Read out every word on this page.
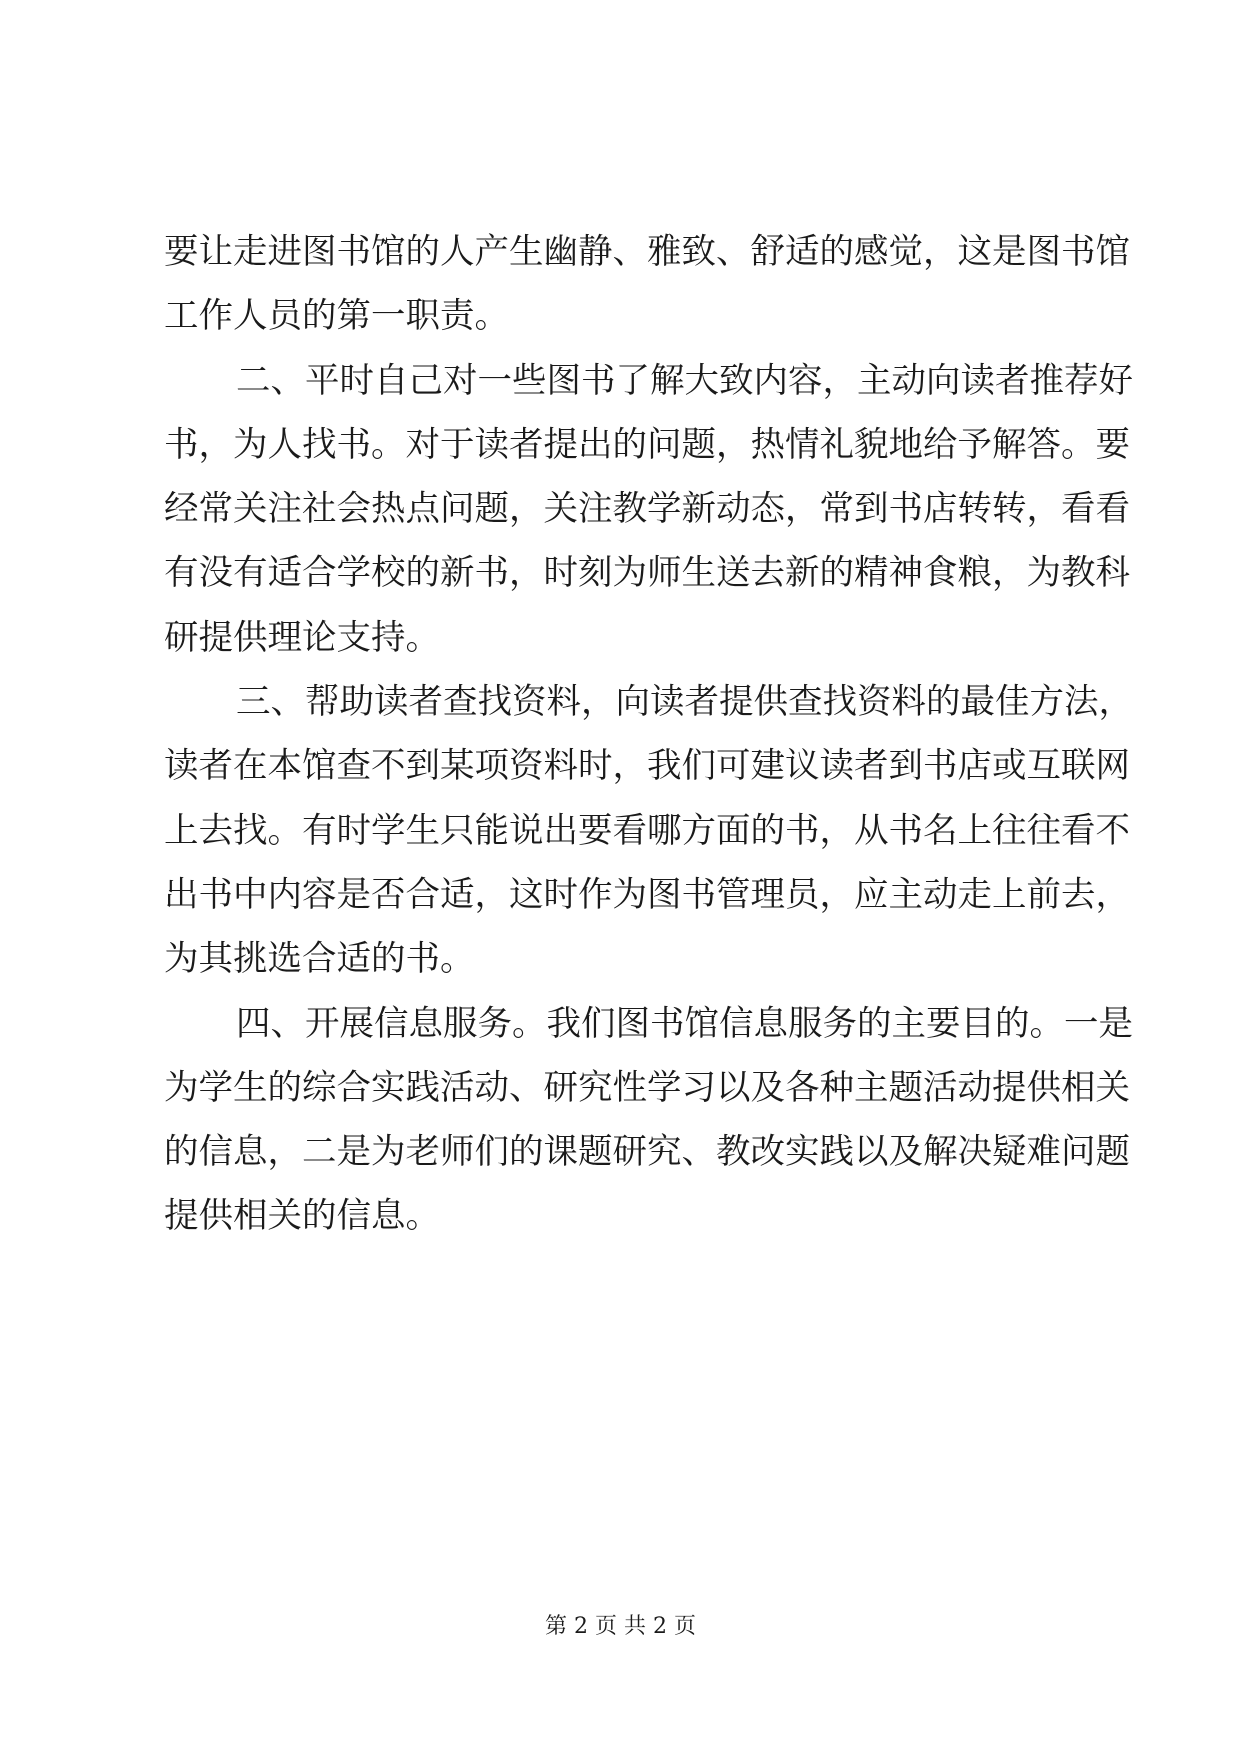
要让走进图书馆的人产生幽静、雅致、舒适的感觉，这是图书馆
工作人员的第一职责。
二、平时自己对一些图书了解大致内容，主动向读者推荐好
书，为人找书。对于读者提出的问题，热情礼貌地给予解答。要
经常关注社会热点问题，关注教学新动态，常到书店转转，看看
有没有适合学校的新书，时刻为师生送去新的精神食粮，为教科
研提供理论支持。
三、帮助读者查找资料，向读者提供查找资料的最佳方法，
读者在本馆查不到某项资料时，我们可建议读者到书店或互联网
上去找。有时学生只能说出要看哪方面的书，从书名上往往看不
出书中内容是否合适，这时作为图书管理员，应主动走上前去，
为其挑选合适的书。
四、开展信息服务。我们图书馆信息服务的主要目的。一是
为学生的综合实践活动、研究性学习以及各种主题活动提供相关
的信息，二是为老师们的课题研究、教改实践以及解决疑难问题
提供相关的信息。
第 2 页 共 2 页
